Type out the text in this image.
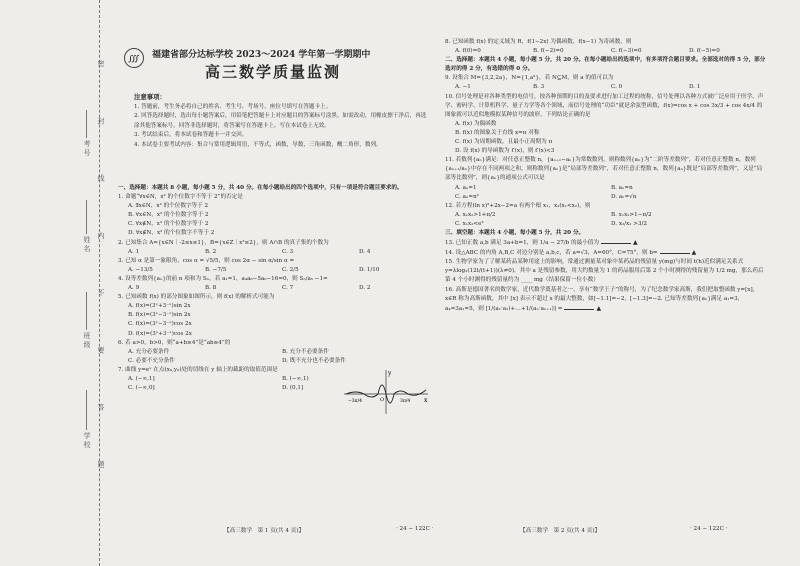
密 封 线 内 不 要 答 题
考号
姓名
班级
学校
∭	福建省部分达标学校 2023～2024 学年第一学期期中
高三数学质量监测
注意事项：
1. 答题前，考生务必将自己的姓名、考生号、考场号、座位号填写在答题卡上。
2. 回答选择题时，选出每小题答案后，用铅笔把答题卡上对应题目的答案标号涂黑。如需改动，用橡皮擦干净后，再选涂其他答案标号。回答非选择题时，将答案写在答题卡上。写在本试卷上无效。
3. 考试结束后，将本试卷和答题卡一并交回。
4. 本试卷主要考试内容：集合与常用逻辑用语，不等式，函数，导数，三角函数，概二角形，数列。
一、选择题：本题共 8 小题，每小题 5 分，共 40 分。在每小题给出的四个选项中，只有一项是符合题目要求的。
1. 命题“∀x∈N，x² 的个位数字不等于 2”的否定是
A. ∃x∈N，x² 的个位数字等于 2
B. ∀x∈N，x² 的个位数字等于 2
C. ∀x∉N，x² 的个位数字等于 2
D. ∀x∉N，x² 的个位数字不等于 2
2. 已知集合 A={x∈N｜-2≤x≤1}，B={x∈Z｜x²≤2}，则 A∩B 的真子集的个数为
A. 1	B. 2	C. 3	D. 4
3. 已知 α 是第一象限角，cos α = √5/5，则 cos 2α − sin α/sin α =
A. −13/5	B. −7/5	C. 2/5	D. 1/10
4. 设等差数列{aₙ}的前 n 项和为 Sₙ，若 a₁=1，a₄a₆−5a₆−16=0，则 S₅/a₅ −1=
A. 9	B. 8	C. 7	D. 2
5. 已知函数 f(x) 的部分图象如图所示，则 f(x) 的解析式可能为
A. f(x)=(3ˣ+3⁻ˣ)sin 2x
B. f(x)=(3ˣ−3⁻ˣ)sin 2x
C. f(x)=(3ˣ−3⁻ˣ)cos 2x
D. f(x)=(3ˣ+3⁻ˣ)cos 2x
6. 若 a>0，b>0，则“a+b≥4”是“ab≥4”的
A. 充分必要条件	B. 充分不必要条件
C. 必要不充分条件	D. 既不充分也不必要条件
7. 曲线 y=eˣ 在点(x₀,y₀)处的切线在 y 轴上的截距的取值范围是
A. (−∞,1]	B. (−∞,1)
C. (−∞,0]	D. (0,1]
x
y
O
−3π/4	3π/4
【高三数学　第 1 页(共 4 页)】	· 24 − 122C ·
8. 已知函数 f(x) 的定义域为 R，f(1−2x) 为偶函数，f(x−1) 为奇函数，则
A. f(0)=0	B. f(−2)=0	C. f(−3)=0	D. f(−5)=0
二、选择题：本题共 4 小题，每小题 5 分，共 20 分。在每小题给出的选项中，有多项符合题目要求。全部选对的得 5 分，部分选对的得 2 分，有选错的得 0 分。
9. 设集合 M={3,2,2a}，N={1,a²}，若 N⊆M，则 a 的值可以为
A. −1	B. 3	C. 0	D. 1
10. 信号处理是对各种类型的电信号，按各种预期的目的及要求进行加工过程的统称，信号处理以各种方式被广泛应用于医学、声学、密码学、计算机科学、量子力学等各个领域，而信号处理的“功臣”就是余弦型函数，f(x)=cos x + cos 3x/3 + cos 4x/4 的图象就可以近似地模拟某种信号的波形，下列结论正确的是
A. f(x) 为偶函数
B. f(x) 的图象关于直线 x=π 对称
C. f(x) 为周期函数，且最小正周期为 π
D. 设 f(x) 的导函数为 f′(x)，则 f′(x)<3
11. 若数列{aₙ}满足：对任意正整数 n，{aₙ₊₁−aₙ}为常数数列，则称数列{aₙ}为“二阶等差数列”，若对任意正整数 n，数列{aₙ₊₁/aₙ}中存在不同两项之和，则称数列{aₙ}是“局部等差数列”，若对任意正整数 n，数列{aₙ}既是“局部等差数列”，又是“局部等比数列”，则{aₙ}的通项公式可以是
A. aₙ=1	B. aₙ=n
C. aₙ=n²	D. aₙ=√n
12. 若方程(ln x)²+2x−2=a 有两个根 x₁，x₂(x₁<x₂)，则
A. x₁x₂>1+π/2	B. x₁x₂>1−π/2
C. x₁x₂<e²	D. x₂/x₁ >3/2
三、填空题：本题共 4 小题，每小题 5 分，共 20 分。
13. 已知正数 a,b 满足 3a+b=1，则 1/a − 27/b 的最小值为	▲
14. 设△ABC 的内角 A,B,C 对边分别是 a,b,c，若 a=√3，A=60°，C=75°，则 b=	▲
15. 生物学家为了了解某药品某种用途上的影响，常通过测量某对象中某药品的残留量 y(mg)与时间 t(h)近似满足关系式 y=λlog₃(12t/(t+1))(λ≠0)，其中 a 是残留参数，用大约数量为 1 的药品服用后第 2 个小时测得的残留量为 1/2 mg，那么药后第 4 个小时测得的残留量约为 ____ mg（结果保留一位小数）
16. 高斯是德国著名的数学家，近代数学奠基者之一，享有“数学王子”的称号，为了纪念数学家高斯，我们把取整函数 y=[x]，x∈R 称为高斯函数，其中 [x] 表示不超过 x 的最大整数，如[−1.1]=−2，[−1.3]=−2. 已知等差数列{aₙ}满足 a₁=3，a₄=3a₁=5，则 [1/(a₁·a₂)+…+1/(aₙ·aₙ₊₁)] =	▲
【高三数学　第 2 页(共 4 页)】	· 24 − 122C ·
